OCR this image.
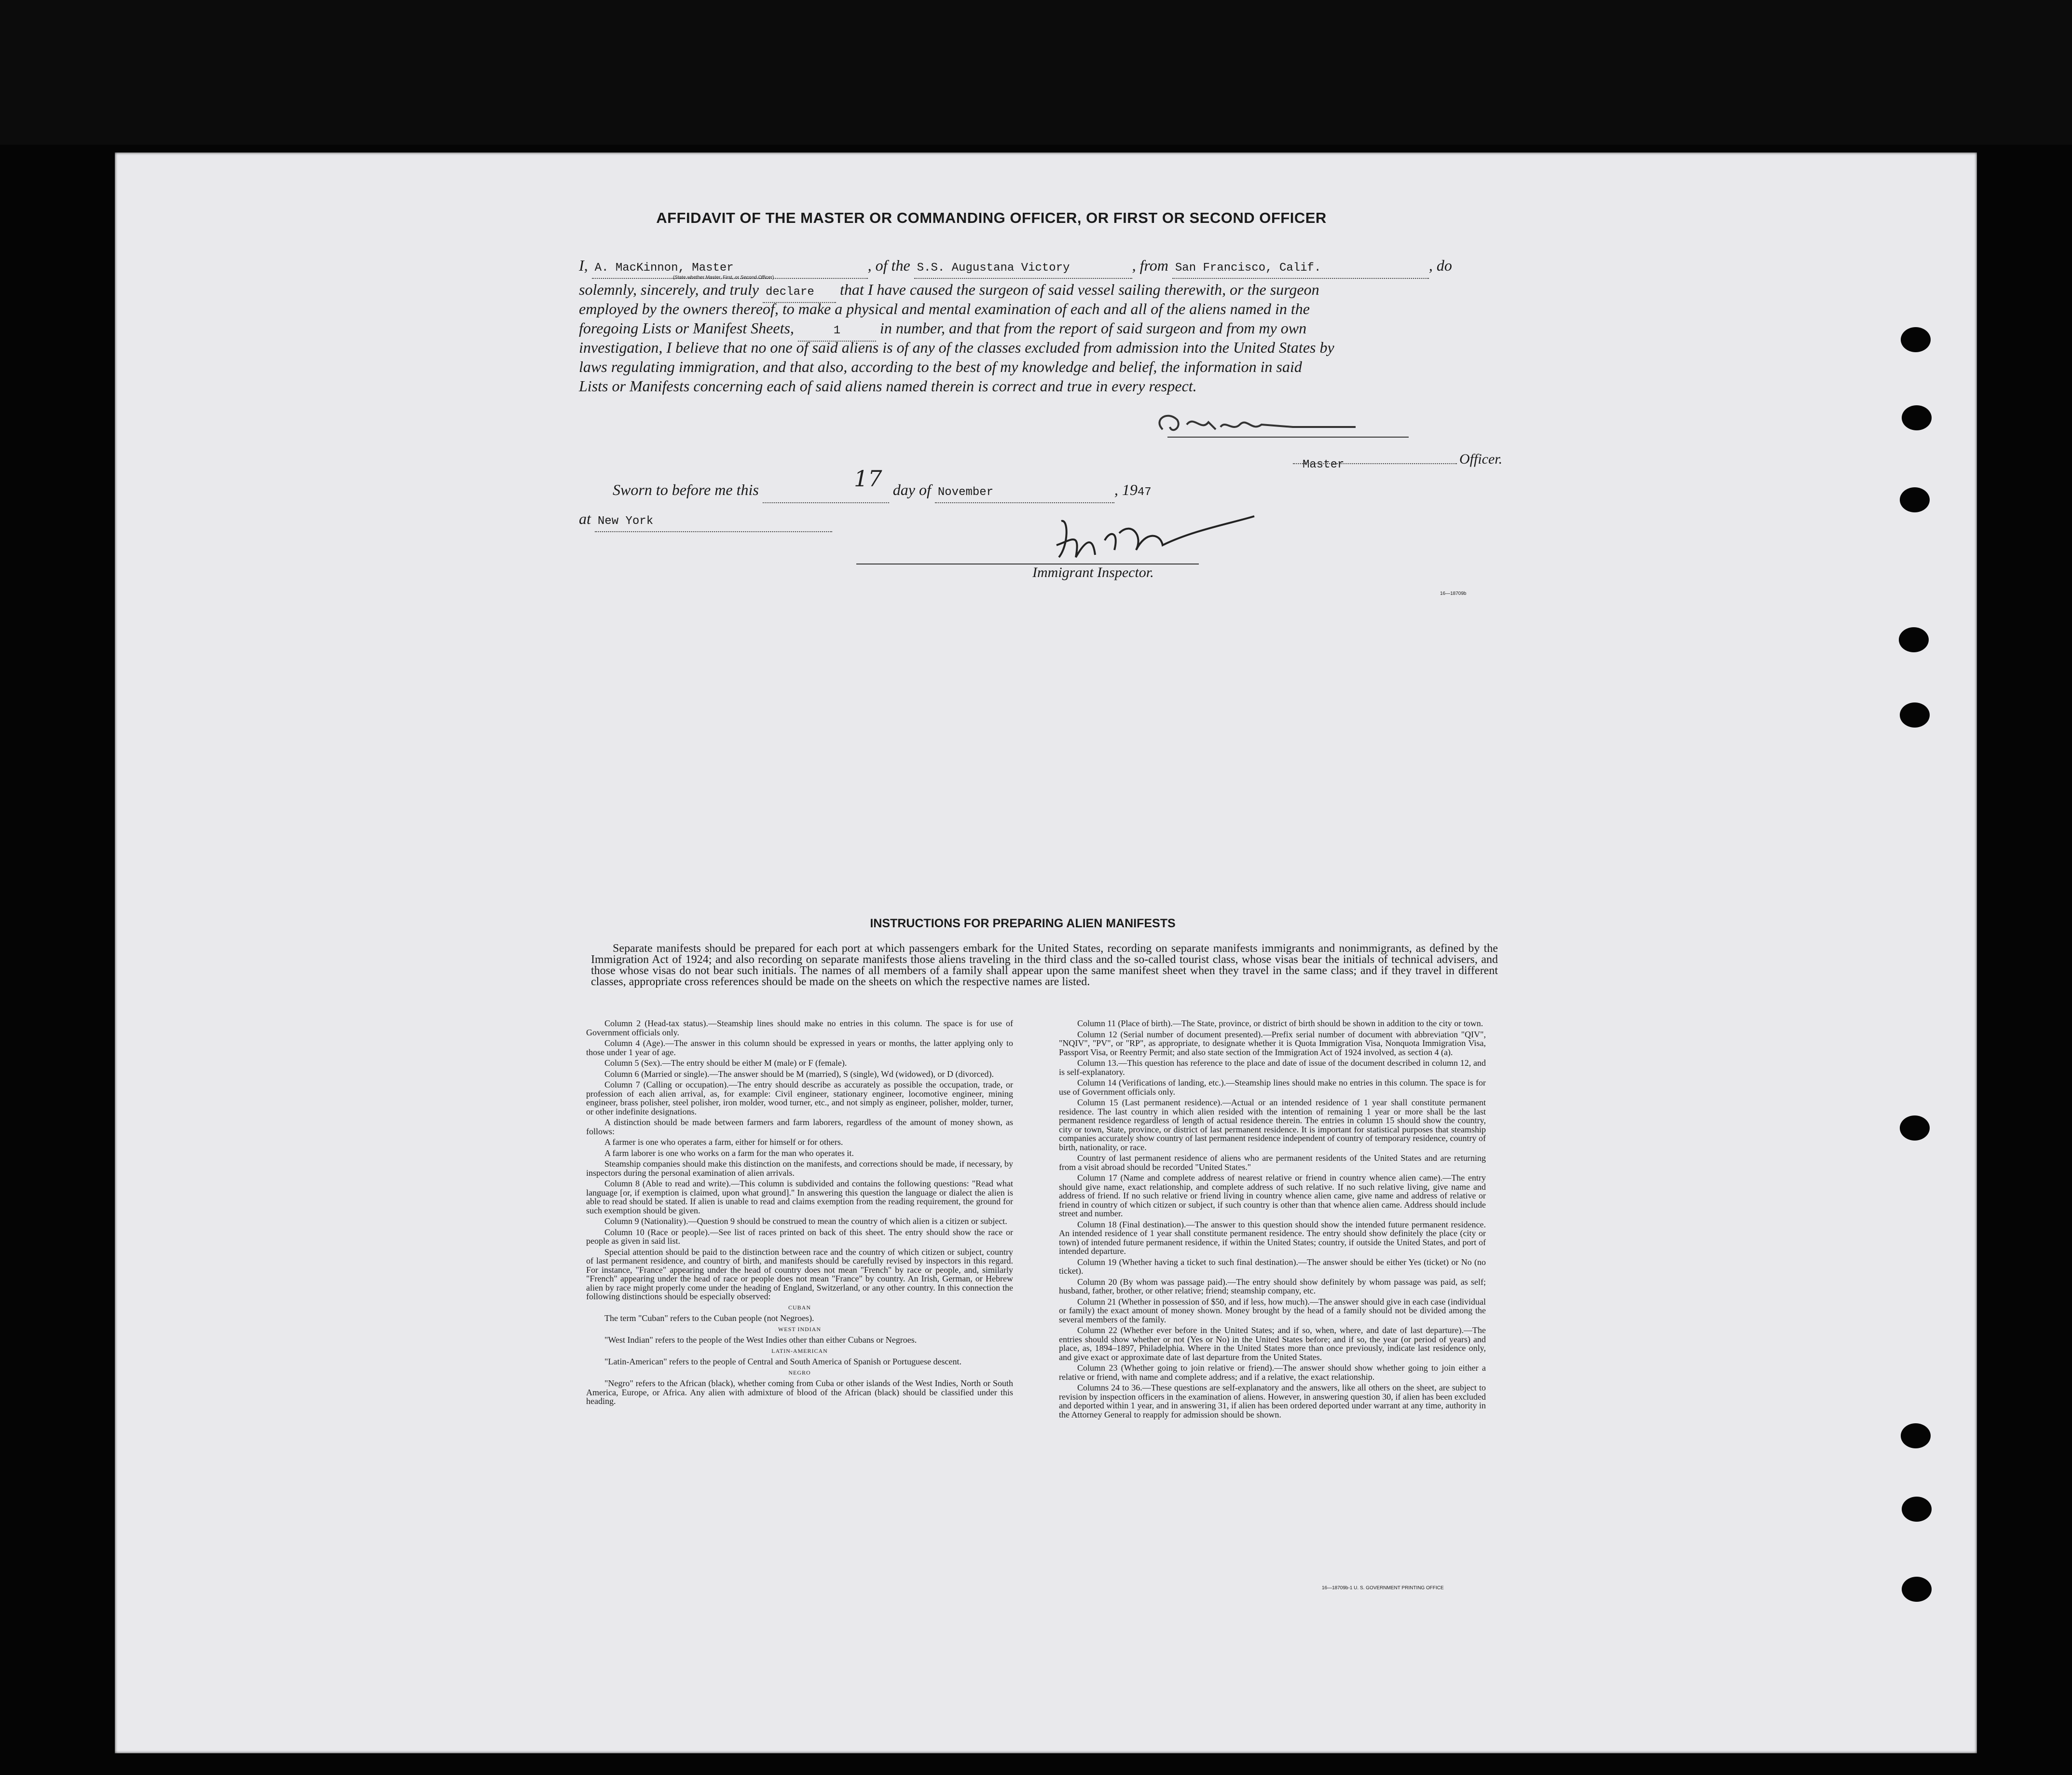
AFFIDAVIT OF THE MASTER OR COMMANDING OFFICER, OR FIRST OR SECOND OFFICER
I, A. MacKinnon, Master	, of the S.S. Augustana Victory	, from San Francisco, Calif.	, do
(State whether Master, First, or Second Officer)
solemnly, sincerely, and truly declare that I have caused the surgeon of said vessel sailing therewith, or the surgeon
employed by the owners thereof, to make a physical and mental examination of each and all of the aliens named in the
foregoing Lists or Manifest Sheets,	1	in number, and that from the report of said surgeon and from my own
investigation, I believe that no one of said aliens is of any of the classes excluded from admission into the United States by
laws regulating immigration, and that also, according to the best of my knowledge and belief, the information in said
Lists or Manifests concerning each of said aliens named therein is correct and true in every respect.
Master	Officer.
Sworn to before me this	day of November	, 1947
17
at New York
Immigrant Inspector.
16—18709b
INSTRUCTIONS FOR PREPARING ALIEN MANIFESTS
Separate manifests should be prepared for each port at which passengers embark for the United States, recording on separate manifests immigrants and nonimmigrants, as defined by the Immigration Act of 1924; and also recording on separate manifests those aliens traveling in the third class and the so-called tourist class, whose visas bear the initials of technical advisers, and those whose visas do not bear such initials. The names of all members of a family shall appear upon the same manifest sheet when they travel in the same class; and if they travel in different classes, appropriate cross references should be made on the sheets on which the respective names are listed.

Column 2 (Head-tax status).—Steamship lines should make no entries in this column. The space is for use of Government officials only.

Column 4 (Age).—The answer in this column should be expressed in years or months, the latter applying only to those under 1 year of age.

Column 5 (Sex).—The entry should be either M (male) or F (female).

Column 6 (Married or single).—The answer should be M (married), S (single), Wd (widowed), or D (divorced).

Column 7 (Calling or occupation).—The entry should describe as accurately as possible the occupation, trade, or profession of each alien arrival, as, for example: Civil engineer, stationary engineer, locomotive engineer, mining engineer, brass polisher, steel polisher, iron molder, wood turner, etc., and not simply as engineer, polisher, molder, turner, or other indefinite designations.

A distinction should be made between farmers and farm laborers, regardless of the amount of money shown, as follows:

A farmer is one who operates a farm, either for himself or for others.

A farm laborer is one who works on a farm for the man who operates it.

Steamship companies should make this distinction on the manifests, and corrections should be made, if necessary, by inspectors during the personal examination of alien arrivals.

Column 8 (Able to read and write).—This column is subdivided and contains the following questions: "Read what language [or, if exemption is claimed, upon what ground]." In answering this question the language or dialect the alien is able to read should be stated. If alien is unable to read and claims exemption from the reading requirement, the ground for such exemption should be given.

Column 9 (Nationality).—Question 9 should be construed to mean the country of which alien is a citizen or subject.

Column 10 (Race or people).—See list of races printed on back of this sheet. The entry should show the race or people as given in said list.

Special attention should be paid to the distinction between race and the country of which citizen or subject, country of last permanent residence, and country of birth, and manifests should be carefully revised by inspectors in this regard. For instance, "France" appearing under the head of country does not mean "French" by race or people, and, similarly "French" appearing under the head of race or people does not mean "France" by country. An Irish, German, or Hebrew alien by race might properly come under the heading of England, Switzerland, or any other country. In this connection the following distinctions should be especially observed:

CUBAN

The term "Cuban" refers to the Cuban people (not Negroes).

WEST INDIAN

"West Indian" refers to the people of the West Indies other than either Cubans or Negroes.

LATIN-AMERICAN

"Latin-American" refers to the people of Central and South America of Spanish or Portuguese descent.

NEGRO

"Negro" refers to the African (black), whether coming from Cuba or other islands of the West Indies, North or South America, Europe, or Africa. Any alien with admixture of blood of the African (black) should be classified under this heading.

Column 11 (Place of birth).—The State, province, or district of birth should be shown in addition to the city or town.

Column 12 (Serial number of document presented).—Prefix serial number of document with abbreviation "QIV", "NQIV", "PV", or "RP", as appropriate, to designate whether it is Quota Immigration Visa, Nonquota Immigration Visa, Passport Visa, or Reentry Permit; and also state section of the Immigration Act of 1924 involved, as section 4 (a).

Column 13.—This question has reference to the place and date of issue of the document described in column 12, and is self-explanatory.

Column 14 (Verifications of landing, etc.).—Steamship lines should make no entries in this column. The space is for use of Government officials only.

Column 15 (Last permanent residence).—Actual or an intended residence of 1 year shall constitute permanent residence. The last country in which alien resided with the intention of remaining 1 year or more shall be the last permanent residence regardless of length of actual residence therein. The entries in column 15 should show the country, city or town, State, province, or district of last permanent residence. It is important for statistical purposes that steamship companies accurately show country of last permanent residence independent of country of temporary residence, country of birth, nationality, or race.

Country of last permanent residence of aliens who are permanent residents of the United States and are returning from a visit abroad should be recorded "United States."

Column 17 (Name and complete address of nearest relative or friend in country whence alien came).—The entry should give name, exact relationship, and complete address of such relative. If no such relative living, give name and address of friend. If no such relative or friend living in country whence alien came, give name and address of relative or friend in country of which citizen or subject, if such country is other than that whence alien came. Address should include street and number.

Column 18 (Final destination).—The answer to this question should show the intended future permanent residence. An intended residence of 1 year shall constitute permanent residence. The entry should show definitely the place (city or town) of intended future permanent residence, if within the United States; country, if outside the United States, and port of intended departure.

Column 19 (Whether having a ticket to such final destination).—The answer should be either Yes (ticket) or No (no ticket).

Column 20 (By whom was passage paid).—The entry should show definitely by whom passage was paid, as self; husband, father, brother, or other relative; friend; steamship company, etc.

Column 21 (Whether in possession of $50, and if less, how much).—The answer should give in each case (individual or family) the exact amount of money shown. Money brought by the head of a family should not be divided among the several members of the family.

Column 22 (Whether ever before in the United States; and if so, when, where, and date of last departure).—The entries should show whether or not (Yes or No) in the United States before; and if so, the year (or period of years) and place, as, 1894–1897, Philadelphia. Where in the United States more than once previously, indicate last residence only, and give exact or approximate date of last departure from the United States.

Column 23 (Whether going to join relative or friend).—The answer should show whether going to join either a relative or friend, with name and complete address; and if a relative, the exact relationship.

Columns 24 to 36.—These questions are self-explanatory and the answers, like all others on the sheet, are subject to revision by inspection officers in the examination of aliens. However, in answering question 30, if alien has been excluded and deported within 1 year, and in answering 31, if alien has been ordered deported under warrant at any time, authority in the Attorney General to reapply for admission should be shown.

16—18709b-1 U. S. GOVERNMENT PRINTING OFFICE
